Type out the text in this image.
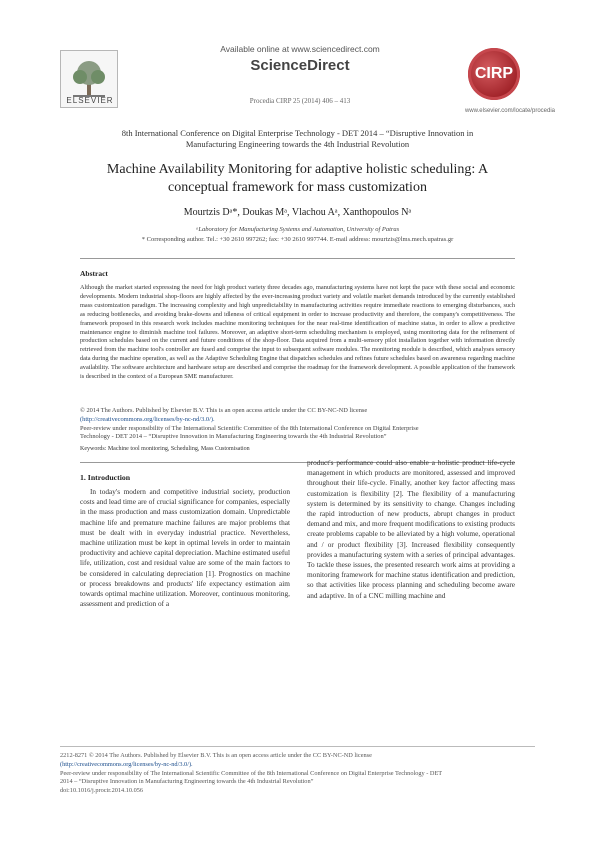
ELSEVIER
Available online at www.sciencedirect.com
ScienceDirect
Procedia CIRP 25 (2014) 406 – 413
CIRP
www.elsevier.com/locate/procedia
8th International Conference on Digital Enterprise Technology - DET 2014 – “Disruptive Innovation in
Manufacturing Engineering towards the 4th Industrial Revolution
Machine Availability Monitoring for adaptive holistic scheduling: A
conceptual framework for mass customization
Mourtzis Dᵃ*, Doukas Mᵃ, Vlachou Aᵃ, Xanthopoulos Nᵃ
ᵃLaboratory for Manufacturing Systems and Automation, University of Patras
* Corresponding author. Tel.: +30 2610 997262; fax: +30 2610 997744. E-mail address: mourtzis@lms.mech.upatras.gr
Abstract
Although the market started expressing the need for high product variety three decades ago, manufacturing systems have not kept the pace with these social and economic developments. Modern industrial shop-floors are highly affected by the ever-increasing product variety and volatile market demands introduced by the currently established mass customization paradigm. The increasing complexity and high unpredictability in manufacturing activities require immediate reactions to emerging disturbances, such as reducing bottlenecks, and avoiding brake-downs and idleness of critical equipment in order to increase productivity and therefore, the company's competitiveness. The framework proposed in this research work includes machine monitoring techniques for the near real-time identification of machine status, in order to allow a predictive maintenance engine to diminish machine tool failures. Moreover, an adaptive short-term scheduling mechanism is employed, using monitoring data for the refinement of production schedules based on the current and future conditions of the shop-floor. Data acquired from a multi-sensory pilot installation together with information directly retrieved from the machine tool's controller are fused and comprise the input to subsequent software modules. The monitoring module is described, which analyses sensory data during the machine operation, as well as the Adaptive Scheduling Engine that dispatches schedules and refines future schedules based on awareness regarding machine availability. The software architecture and hardware setup are described and comprise the roadmap for the framework development. A possible application of the framework is described in the context of a European SME manufacturer.
© 2014 The Authors. Published by Elsevier B.V. This is an open access article under the CC BY-NC-ND license
(http://creativecommons.org/licenses/by-nc-nd/3.0/).
Peer-review under responsibility of The International Scientific Committee of the 8th International Conference on Digital Enterprise
Technology - DET 2014 – “Disruptive Innovation in Manufacturing Engineering towards the 4th Industrial Revolution”
Keywords: Machine tool monitoring, Scheduling, Mass Customisation
1. Introduction

In today's modern and competitive industrial society, production costs and lead time are of crucial significance for companies, especially in the mass production and mass customization domain. Unpredictable machine life and premature machine failures are major problems that must be dealt with in everyday industrial practice. Nevertheless, machine utilization must be kept in optimal levels in order to maintain productivity and achieve capital depreciation. Machine estimated useful life, utilization, cost and residual value are some of the main factors to be considered in calculating depreciation [1]. Prognostics on machine or process breakdowns and products' life expectancy estimation aim towards optimal machine utilization. Moreover, continuous monitoring, assessment and prediction of a

product's performance could also enable a holistic product life-cycle management in which products are monitored, assessed and improved throughout their life-cycle. Finally, another key factor affecting mass customization is flexibility [2]. The flexibility of a manufacturing system is determined by its sensitivity to change. Changes including the rapid introduction of new products, abrupt changes in product demand and mix, and more frequent modifications to existing products create problems capable to be alleviated by a high volume, operational and / or product flexibility [3]. Increased flexibility consequently provides a manufacturing system with a series of principal advantages. To tackle these issues, the presented research work aims at providing a monitoring framework for machine status identification and prediction, so that activities like process planning and scheduling become aware and adaptive. In of a CNC milling machine and

2212-8271 © 2014 The Authors. Published by Elsevier B.V. This is an open access article under the CC BY-NC-ND license
(http://creativecommons.org/licenses/by-nc-nd/3.0/).
Peer-review under responsibility of The International Scientific Committee of the 8th International Conference on Digital Enterprise Technology - DET
2014 – “Disruptive Innovation in Manufacturing Engineering towards the 4th Industrial Revolution”
doi:10.1016/j.procir.2014.10.056
